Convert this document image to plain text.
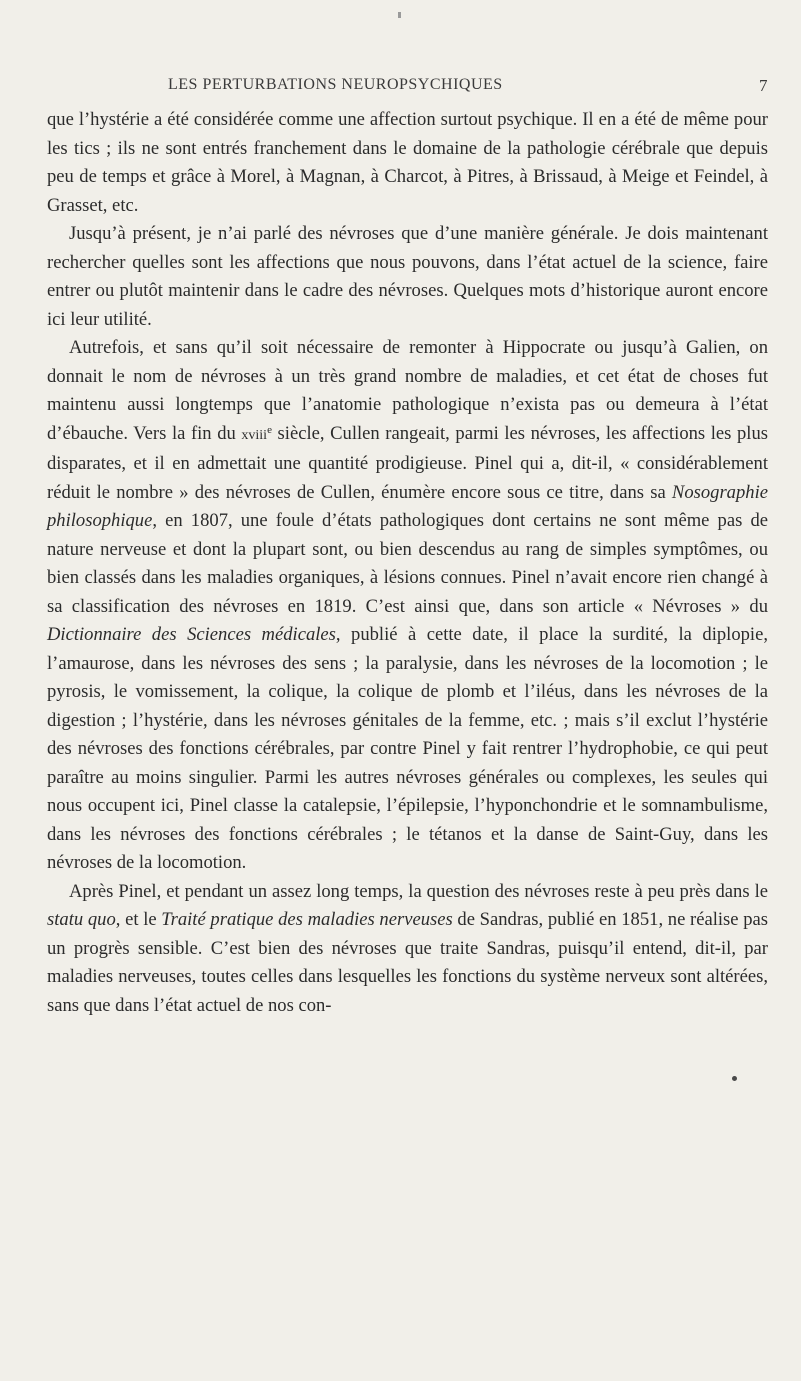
LES PERTURBATIONS NEUROPSYCHIQUES	7

que l’hystérie a été considérée comme une affection surtout psychique. Il en a été de même pour les tics ; ils ne sont entrés franchement dans le domaine de la pathologie cérébrale que depuis peu de temps et grâce à Morel, à Magnan, à Charcot, à Pitres, à Brissaud, à Meige et Feindel, à Grasset, etc.

Jusqu’à présent, je n’ai parlé des névroses que d’une manière générale. Je dois maintenant rechercher quelles sont les affections que nous pouvons, dans l’état actuel de la science, faire entrer ou plutôt maintenir dans le cadre des névroses. Quelques mots d’historique auront encore ici leur utilité.

Autrefois, et sans qu’il soit nécessaire de remonter à Hippocrate ou jusqu’à Galien, on donnait le nom de névroses à un très grand nombre de maladies, et cet état de choses fut maintenu aussi longtemps que l’anatomie pathologique n’exista pas ou demeura à l’état d’ébauche. Vers la fin du xviii$^e$ siècle, Cullen rangeait, parmi les névroses, les affections les plus disparates, et il en admettait une quantité prodigieuse. Pinel qui a, dit-il, « considérablement réduit le nombre » des névroses de Cullen, énumère encore sous ce titre, dans sa Nosographie philosophique, en 1807, une foule d’états pathologiques dont certains ne sont même pas de nature nerveuse et dont la plupart sont, ou bien descendus au rang de simples symptômes, ou bien classés dans les maladies organiques, à lésions connues. Pinel n’avait encore rien changé à sa classification des névroses en 1819. C’est ainsi que, dans son article « Névroses » du Dictionnaire des Sciences médicales, publié à cette date, il place la surdité, la diplopie, l’amaurose, dans les névroses des sens ; la paralysie, dans les névroses de la locomotion ; le pyrosis, le vomissement, la colique, la colique de plomb et l’iléus, dans les névroses de la digestion ; l’hystérie, dans les névroses génitales de la femme, etc. ; mais s’il exclut l’hystérie des névroses des fonctions cérébrales, par contre Pinel y fait rentrer l’hydrophobie, ce qui peut paraître au moins singulier. Parmi les autres névroses générales ou complexes, les seules qui nous occupent ici, Pinel classe la catalepsie, l’épilepsie, l’hyponchondrie et le somnambulisme, dans les névroses des fonctions cérébrales ; le tétanos et la danse de Saint-Guy, dans les névroses de la locomotion.

Après Pinel, et pendant un assez long temps, la question des névroses reste à peu près dans le statu quo, et le Traité pratique des maladies nerveuses de Sandras, publié en 1851, ne réalise pas un progrès sensible. C’est bien des névroses que traite Sandras, puisqu’il entend, dit-il, par maladies nerveuses, toutes celles dans lesquelles les fonctions du système nerveux sont altérées, sans que dans l’état actuel de nos con-
